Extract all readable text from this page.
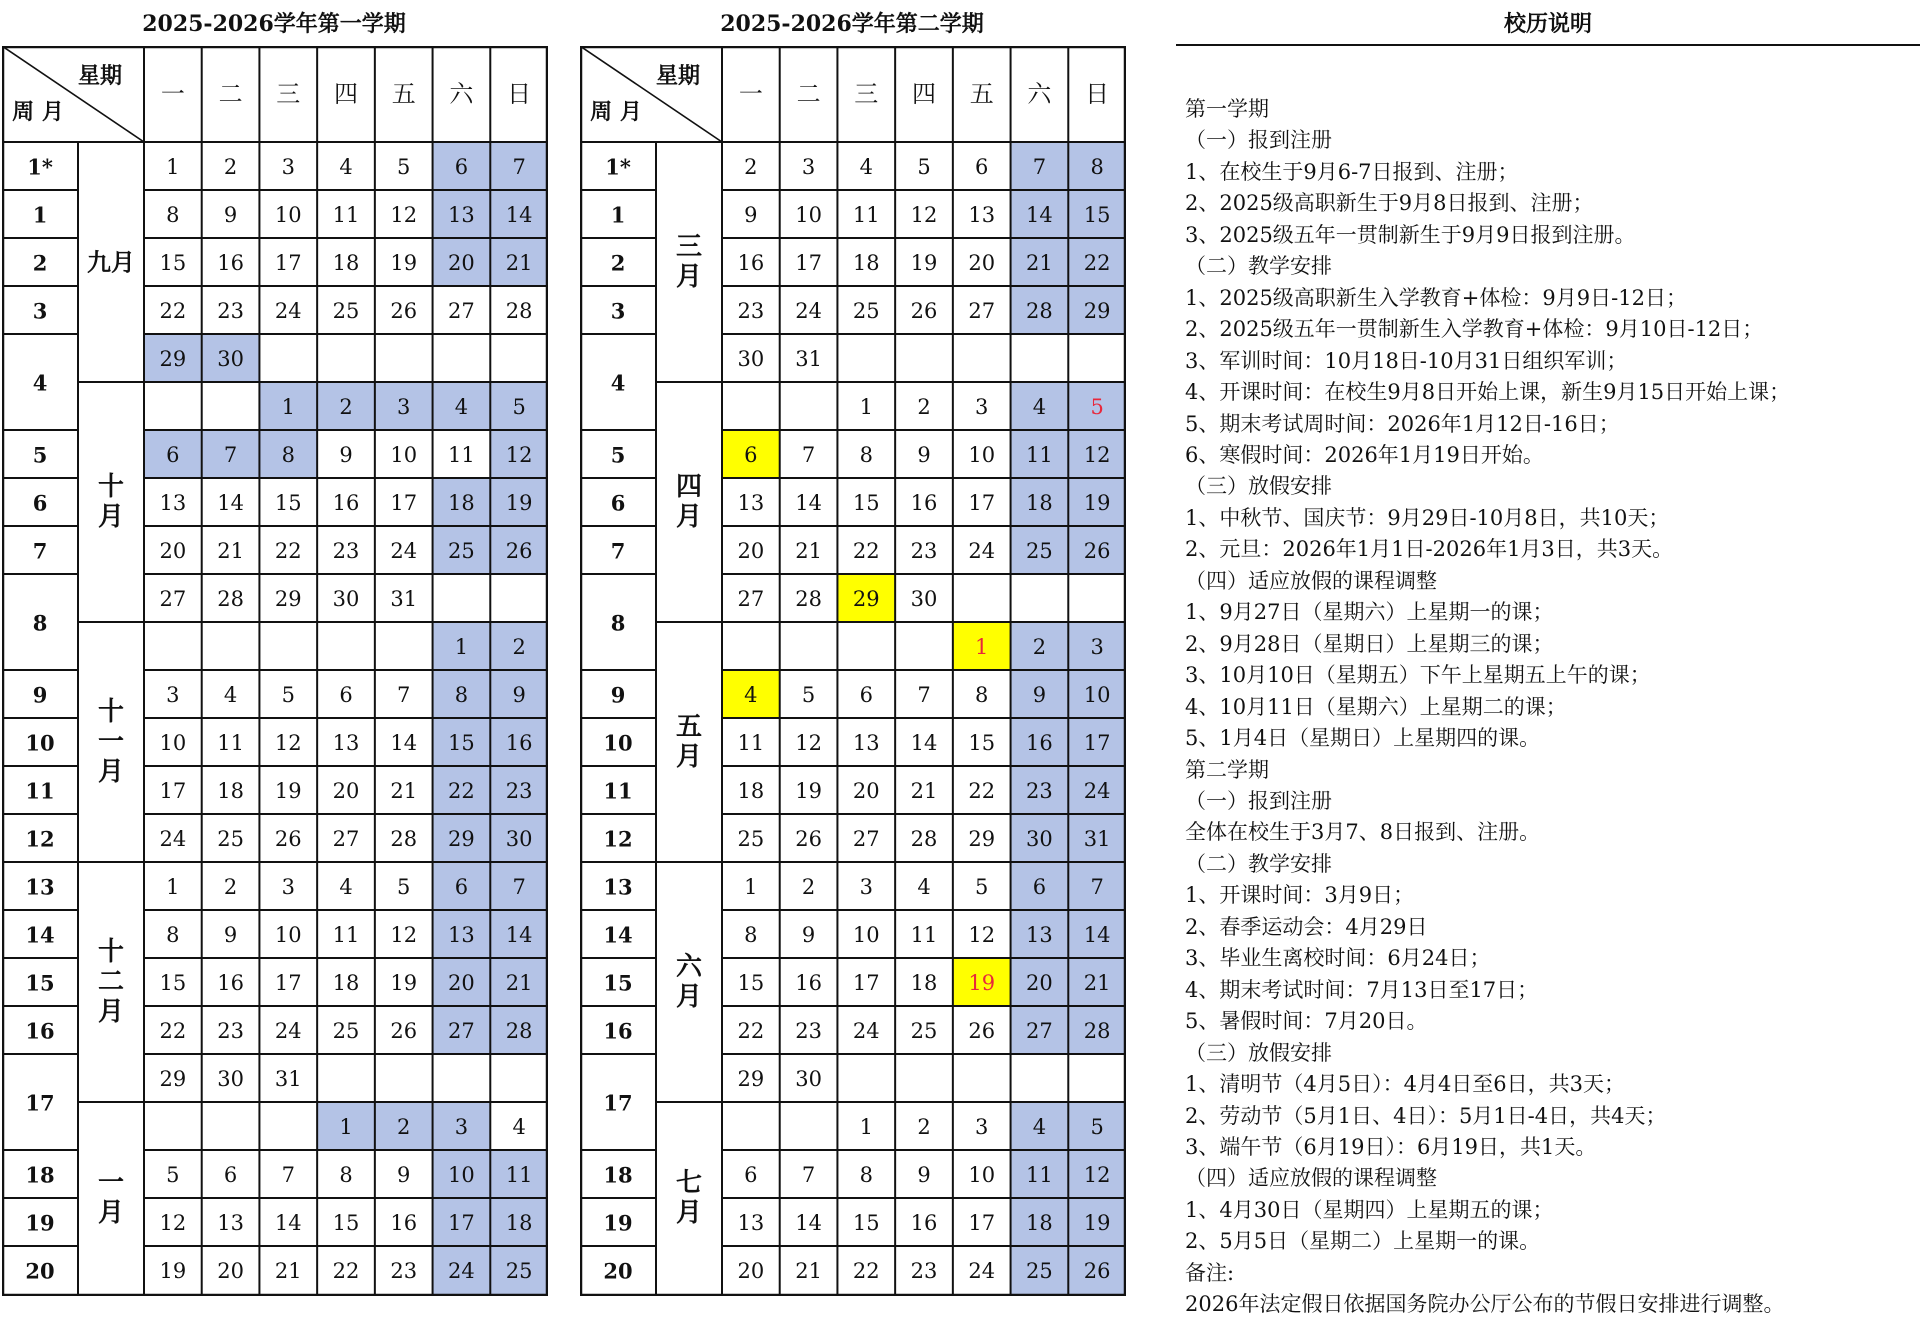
2025-2026学年第一学期	2025-2026学年第二学期
1 2 3 4 5 6 7
8 9 10 11 12 13 14
15 16 17 18 19 20 21
22 23 24 25 26 27 28
29 30
1 2 3 4 5
6 7 8 9 10 11 12
13 14 15 16 17 18 19
20 21 22 23 24 25 26
27 28 29 30 31
1 2
3 4 5 6 7 8 9
10 11 12 13 14 15 16
17 18 19 20 21 22 23
24 25 26 27 28 29 30
1 2 3 4 5 6 7
8 9 10 11 12 13 14
15 16 17 18 19 20 21
22 23 24 25 26 27 28
29 30 31
1 2 3 4
5 6 7 8 9 10 11
12 13 14 15 16 17 18
19 20 21 22 23 24 25
一 二 三 四 五 六 日
星期
周 月
1*
1
2
3
4
5
6
7
8
9
10
11
12
13
14
15
16
17
18
19
20
九月
十
月
十
一
月
十
二
月
一
月
2 3 4 5 6 7 8
9 10 11 12 13 14 15
16 17 18 19 20 21 22
23 24 25 26 27 28 29
30 31
1 2 3 4 5
6 7 8 9 10 11 12
13 14 15 16 17 18 19
20 21 22 23 24 25 26
27 28 29 30
1 2 3
4 5 6 7 8 9 10
11 12 13 14 15 16 17
18 19 20 21 22 23 24
25 26 27 28 29 30 31
1 2 3 4 5 6 7
8 9 10 11 12 13 14
15 16 17 18 19 20 21
22 23 24 25 26 27 28
29 30
1 2 3 4 5
6 7 8 9 10 11 12
13 14 15 16 17 18 19
20 21 22 23 24 25 26
一 二 三 四 五 六 日
星期
周 月
1*
1
2
3
4
5
6
7
8
9
10
11
12
13
14
15
16
17
18
19
20
三
月
四
月
五
月
六
月
七
月
校历说明
第一学期
（一）报到注册
1、在校生于9月6-7日报到、注册；
2、2025级高职新生于9月8日报到、注册；
3、2025级五年一贯制新生于9月9日报到注册。
（二）教学安排
1、2025级高职新生入学教育+体检：9月9日-12日；
2、2025级五年一贯制新生入学教育+体检：9月10日-12日；
3、军训时间：10月18日-10月31日组织军训；
4、开课时间：在校生9月8日开始上课，新生9月15日开始上课；
5、期末考试周时间：2026年1月12日-16日；
6、寒假时间：2026年1月19日开始。
（三）放假安排
1、中秋节、国庆节：9月29日-10月8日，共10天；
2、元旦：2026年1月1日-2026年1月3日，共3天。
（四）适应放假的课程调整
1、9月27日（星期六）上星期一的课；
2、9月28日（星期日）上星期三的课；
3、10月10日（星期五）下午上星期五上午的课；
4、10月11日（星期六）上星期二的课；
5、1月4日（星期日）上星期四的课。
第二学期
（一）报到注册
全体在校生于3月7、8日报到、注册。
（二）教学安排
1、开课时间：3月9日；
2、春季运动会：4月29日
3、毕业生离校时间：6月24日；
4、期末考试时间：7月13日至17日；
5、暑假时间：7月20日。
（三）放假安排
1、清明节（4月5日）：4月4日至6日，共3天；
2、劳动节（5月1日、4日）：5月1日-4日，共4天；
3、端午节（6月19日）：6月19日，共1天。
（四）适应放假的课程调整
1、4月30日（星期四）上星期五的课；
2、5月5日（星期二）上星期一的课。
备注:
2026年法定假日依据国务院办公厅公布的节假日安排进行调整。
